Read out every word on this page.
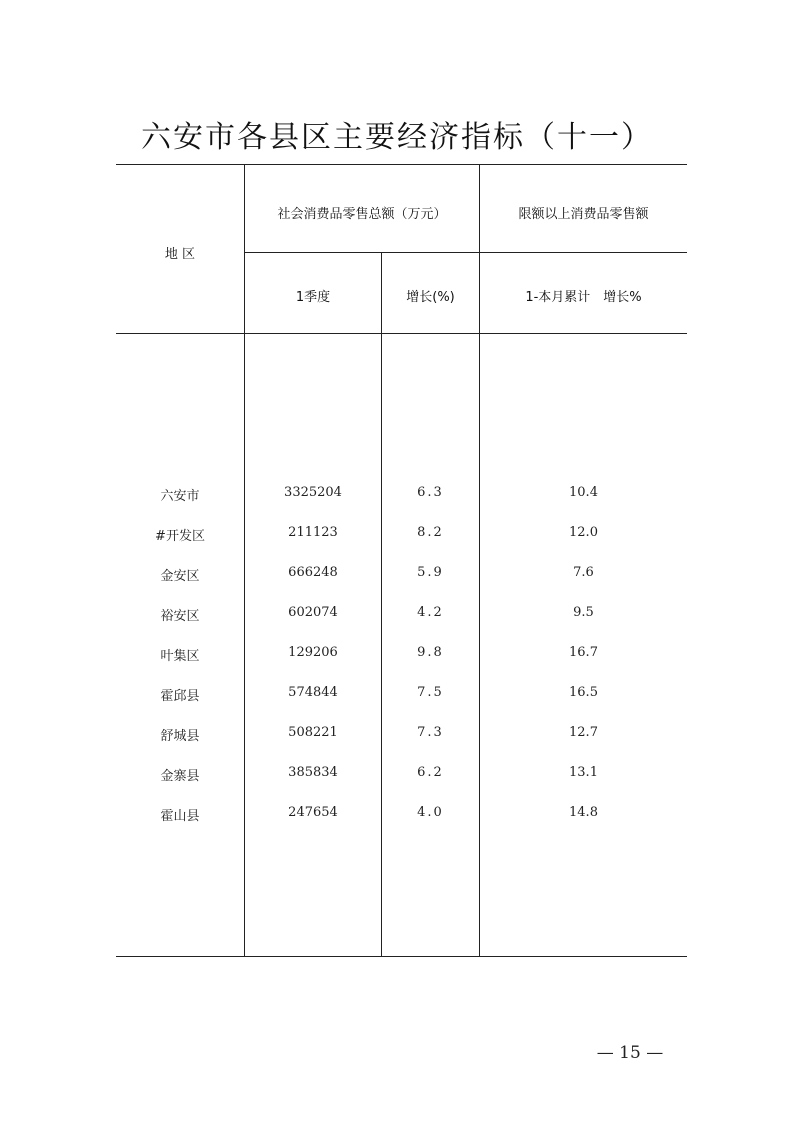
六安市各县区主要经济指标（十一）
地 区
社会消费品零售总额（万元）	限额以上消费品零售额
1季度	增长(%)	1-本月累计　增长%
六安市	3325204	6.3	10.4
#开发区	211123	8.2	12.0
金安区	666248	5.9	7.6
裕安区	602074	4.2	9.5
叶集区	129206	9.8	16.7
霍邱县	574844	7.5	16.5
舒城县	508221	7.3	12.7
金寨县	385834	6.2	13.1
霍山县	247654	4.0	14.8
— 15 —
